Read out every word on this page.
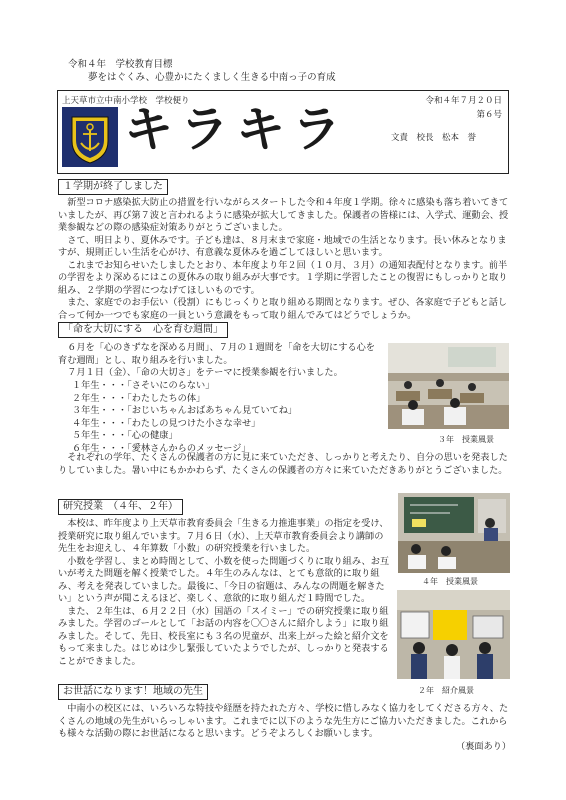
令和４年　学校教育目標
夢をはぐくみ、心豊かにたくましく生きる中南っ子の育成
上天草市立中南小学校　学校便り
キラキラ	令和４年７月２０日
第６号
文責　校長　松本　誉
１学期が終了しました

新型コロナ感染拡大防止の措置を行いながらスタートした令和４年度１学期。徐々に感染も落ち着いてきていましたが、再び第７波と言われるように感染が拡大してきました。保護者の皆様には、入学式、運動会、授業参観などの際の感染症対策ありがとうございました。

さて、明日より、夏休みです。子ども達は、８月末まで家庭・地域での生活となります。長い休みとなりますが、規則正しい生活を心がけ、有意義な夏休みを過ごしてほしいと思います。

これまでお知らせいたしましたとおり、本年度より年２回（１０月、３月）の通知表配付となります。前半の学習をより深めるにはこの夏休みの取り組みが大事です。１学期に学習したことの復習にもしっかりと取り組み、２学期の学習につなげてほしいものです。

また、家庭でのお手伝い（役割）にもじっくりと取り組める期間となります。ぜひ、各家庭で子どもと話し合って何か一つでも家庭の一員という意識をもって取り組んでみてはどうでしょうか。

「命を大切にする　心を育む週間」

６月を「心のきずなを深める月間」、７月の１週間を「命を大切にする心を育む週間」とし、取り組みを行いました。

７月１日（金）、「命の大切さ」をテーマに授業参観を行いました。

１年生・・・「さそいにのらない」
２年生・・・「わたしたちの体」
３年生・・・「おじいちゃんおばあちゃん見ていてね」
４年生・・・「わたしの見つけた小さな幸せ」
５年生・・・「心の健康」
６年生・・・「愛林さんからのメッセージ」
３年　授業風景

それぞれの学年、たくさんの保護者の方に見に来ていただき、しっかりと考えたり、自分の思いを発表したりしていました。暑い中にもかかわらず、たくさんの保護者の方々に来ていただきありがとうございました。

研究授業　（４年、２年）

本校は、昨年度より上天草市教育委員会「生きる力推進事業」の指定を受け、授業研究に取り組んでいます。７月６日（水）、上天草市教育委員会より講師の先生をお迎えし、４年算数「小数」の研究授業を行いました。

小数を学習し、まとめ時間として、小数を使った問題づくりに取り組み、お互いが考えた問題を解く授業でした。４年生のみんなは、とても意欲的に取り組み、考えを発表していました。最後に、「今日の宿題は、みんなの問題を解きたい」という声が聞こえるほど、楽しく、意欲的に取り組んだ１時間でした。

また、２年生は、６月２２日（水）国語の「スイミー」での研究授業に取り組みました。学習のゴールとして「お話の内容を〇〇さんに紹介しよう」に取り組みました。そして、先日、校長室にも３名の児童が、出来上がった絵と紹介文をもって来ました。はじめは少し緊張していたようでしたが、しっかりと発表することができました。

４年　授業風景
２年　紹介風景
お世話になります！地域の先生

中南小の校区には、いろいろな特技や経歴を持たれた方々、学校に惜しみなく協力をしてくださる方々、たくさんの地域の先生がいらっしゃいます。これまでに以下のような先生方にご協力いただきました。これからも様々な活動の際にお世話になると思います。どうぞよろしくお願いします。

（裏面あり）
